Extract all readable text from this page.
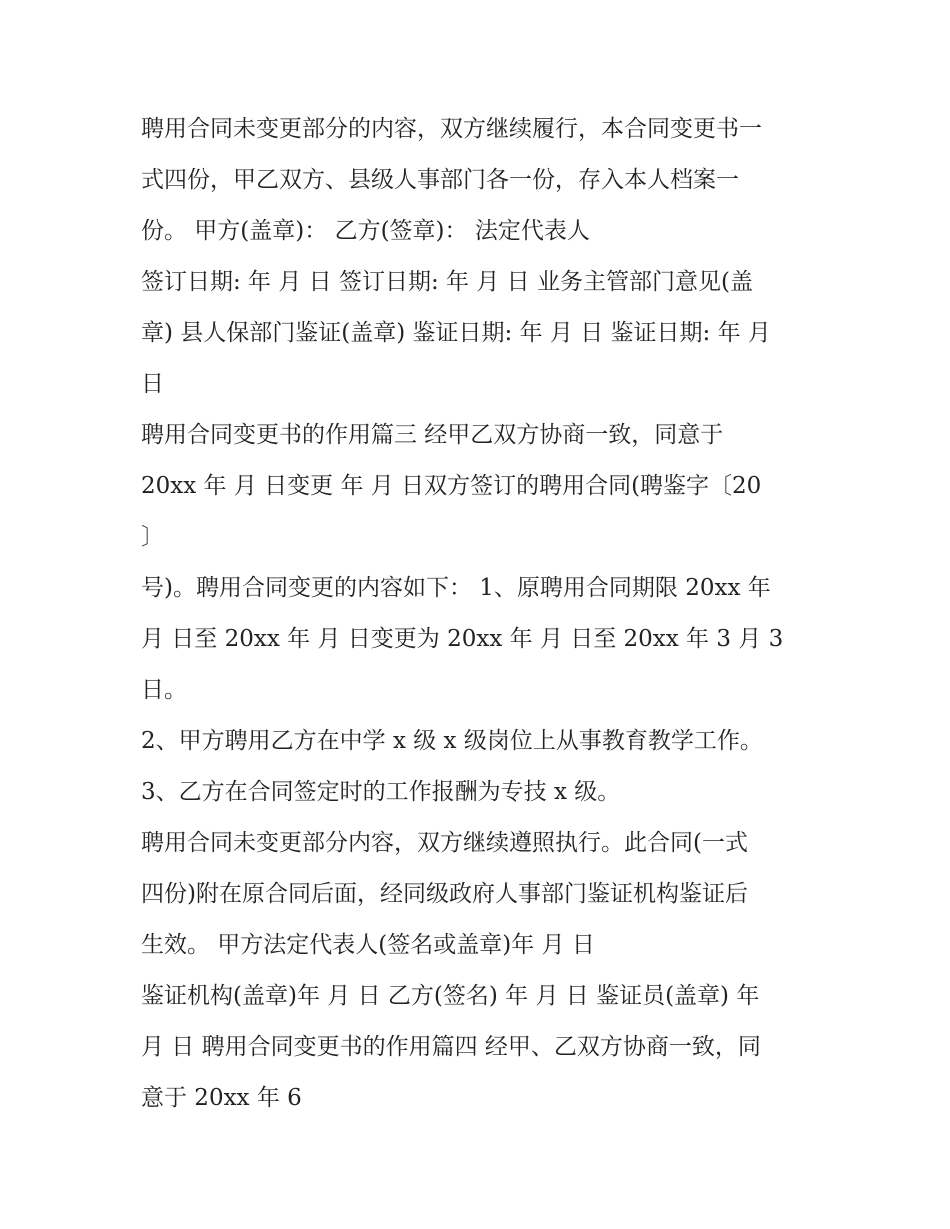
聘用合同未变更部分的内容，双方继续履行，本合同变更书一
式四份，甲乙双方、县级人事部门各一份，存入本人档案一
份。 甲方(盖章)： 乙方(签章)： 法定代表人
签订日期: 年 月 日 签订日期: 年 月 日 业务主管部门意见(盖
章) 县人保部门鉴证(盖章) 鉴证日期: 年 月 日 鉴证日期: 年 月
日
聘用合同变更书的作用篇三 经甲乙双方协商一致，同意于
20xx 年 月 日变更 年 月 日双方签订的聘用合同(聘鉴字〔20
〕
号)。聘用合同变更的内容如下： 1、原聘用合同期限 20xx 年
月 日至 20xx 年 月 日变更为 20xx 年 月 日至 20xx 年 3 月 3
日。
2、甲方聘用乙方在中学 x 级 x 级岗位上从事教育教学工作。
3、乙方在合同签定时的工作报酬为专技 x 级。
聘用合同未变更部分内容，双方继续遵照执行。此合同(一式
四份)附在原合同后面，经同级政府人事部门鉴证机构鉴证后
生效。 甲方法定代表人(签名或盖章)年 月 日
鉴证机构(盖章)年 月 日 乙方(签名) 年 月 日 鉴证员(盖章) 年
月 日 聘用合同变更书的作用篇四 经甲、乙双方协商一致，同
意于 20xx 年 6
